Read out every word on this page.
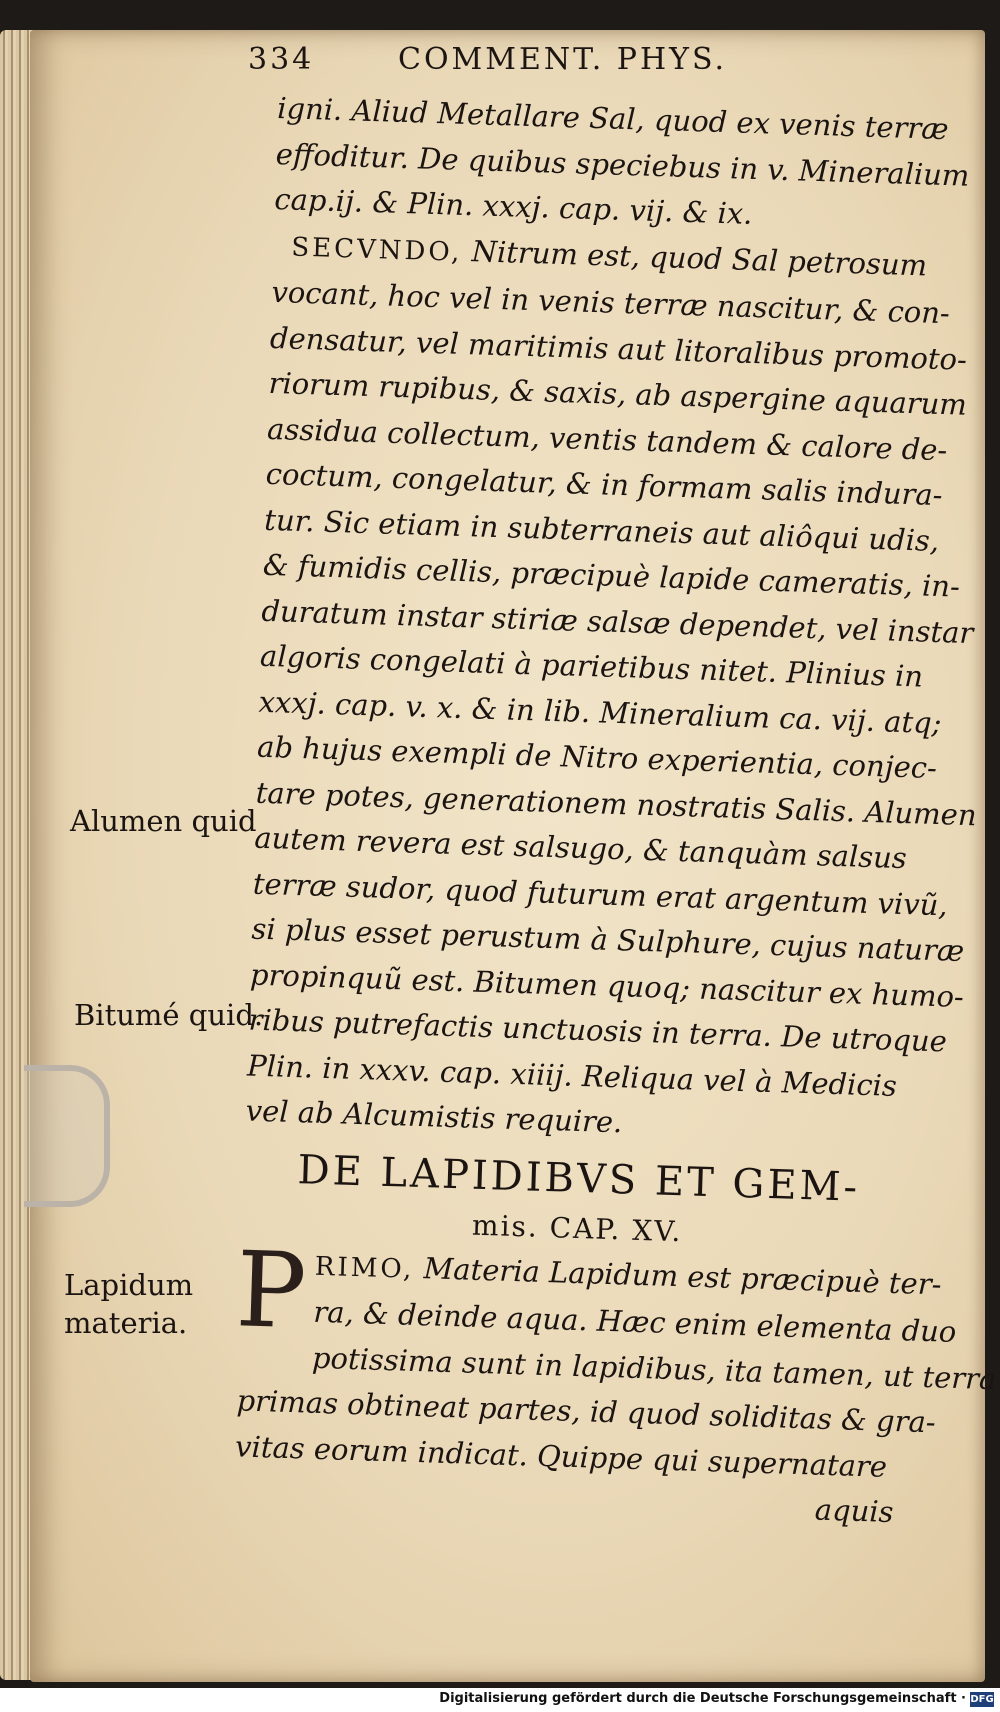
334	COMMENT. PHYS.
igni. Aliud Metallare Sal, quod ex venis terræ
effoditur. De quibus speciebus in v. Mineralium
cap.ij. & Plin. xxxj. cap. vij. & ix.
SECVNDO, Nitrum est, quod Sal petrosum
vocant, hoc vel in venis terræ nascitur, & con-
densatur, vel maritimis aut litoralibus promoto-
riorum rupibus, & saxis, ab aspergine aquarum
assidua collectum, ventis tandem & calore de-
coctum, congelatur, & in formam salis indura-
tur. Sic etiam in subterraneis aut aliôqui udis,
& fumidis cellis, præcipuè lapide cameratis, in-
duratum instar stiriæ salsæ dependet, vel instar
algoris congelati à parietibus nitet. Plinius in
xxxj. cap. v. x. & in lib. Mineralium ca. vij. atq;
ab hujus exempli de Nitro experientia, conjec-
tare potes, generationem nostratis Salis. Alumen
autem revera est salsugo, & tanquàm salsus
terræ sudor, quod futurum erat argentum vivũ,
si plus esset perustum à Sulphure, cujus naturæ
propinquũ est. Bitumen quoq; nascitur ex humo-
ribus putrefactis unctuosis in terra. De utroque
Plin. in xxxv. cap. xiiij. Reliqua vel à Medicis
vel ab Alcumistis require.
DE LAPIDIBVS ET GEM-
mis. CAP. XV.
P RIMO, Materia Lapidum est præcipuè ter-
ra, & deinde aqua. Hæc enim elementa duo
potissima sunt in lapidibus, ita tamen, ut terra
primas obtineat partes, id quod soliditas & gra-
vitas eorum indicat. Quippe qui supernatare
aquis
Alumen quid
Bitumé quid.
Lapidum
materia.
Digitalisierung gefördert durch die Deutsche Forschungsgemeinschaft · DFG
